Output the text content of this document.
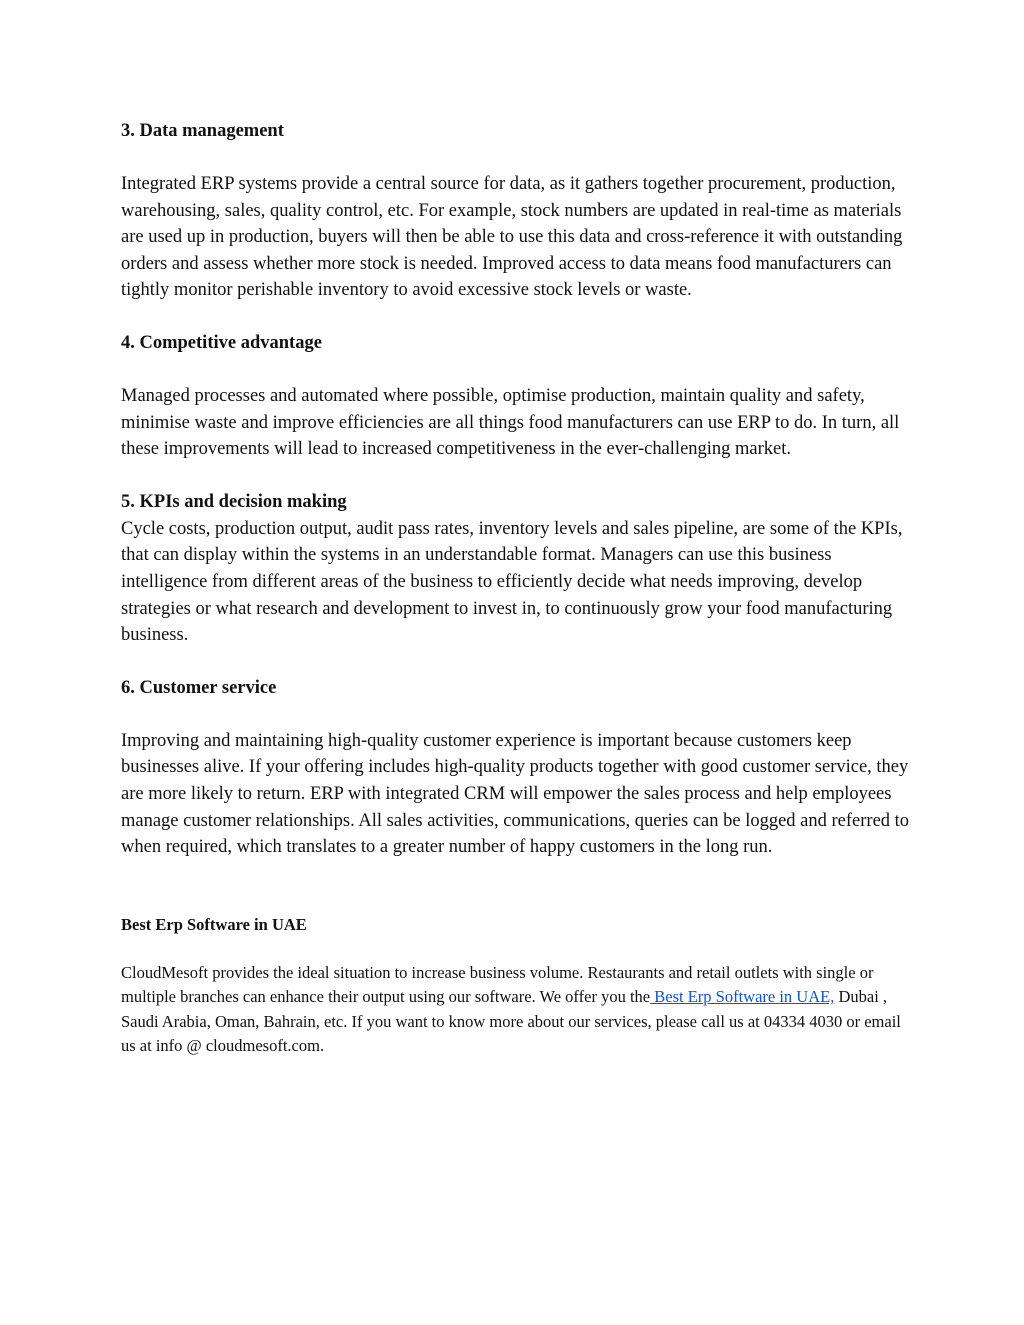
3. Data management

Integrated ERP systems provide a central source for data, as it gathers together procurement, production, warehousing, sales, quality control, etc. For example, stock numbers are updated in real-time as materials are used up in production, buyers will then be able to use this data and cross-reference it with outstanding orders and assess whether more stock is needed. Improved access to data means food manufacturers can tightly monitor perishable inventory to avoid excessive stock levels or waste.

4. Competitive advantage

Managed processes and automated where possible, optimise production, maintain quality and safety, minimise waste and improve efficiencies are all things food manufacturers can use ERP to do. In turn, all these improvements will lead to increased competitiveness in the ever-challenging market.

5. KPIs and decision making

Cycle costs, production output, audit pass rates, inventory levels and sales pipeline, are some of the KPIs, that can display within the systems in an understandable format. Managers can use this business intelligence from different areas of the business to efficiently decide what needs improving, develop strategies or what research and development to invest in, to continuously grow your food manufacturing business.

6. Customer service

Improving and maintaining high-quality customer experience is important because customers keep businesses alive. If your offering includes high-quality products together with good customer service, they are more likely to return. ERP with integrated CRM will empower the sales process and help employees manage customer relationships. All sales activities, communications, queries can be logged and referred to when required, which translates to a greater number of happy customers in the long run.

Best Erp Software in UAE

CloudMesoft provides the ideal situation to increase business volume. Restaurants and retail outlets with single or multiple branches can enhance their output using our software. We offer you the Best Erp Software in UAE, Dubai , Saudi Arabia, Oman, Bahrain, etc. If you want to know more about our services, please call us at 04334 4030 or email us at info @ cloudmesoft.com.
